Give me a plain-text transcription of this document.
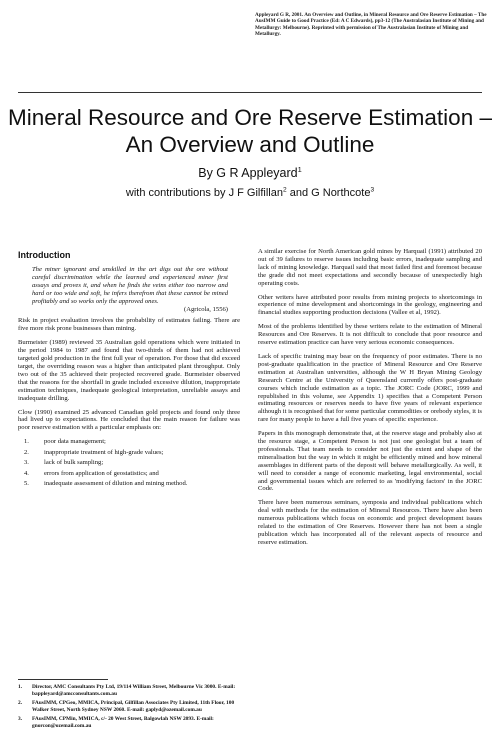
Appleyard G R, 2001. An Overview and Outline, in Mineral Resource and Ore Reserve Estimation – The AusIMM Guide to Good Practice (Ed: A C Edwards), pp3-12 (The Australasian Institute of Mining and Metallurgy: Melbourne). Reprinted with permission of The Australasian Institute of Mining and Metallurgy.
Mineral Resource and Ore Reserve Estimation – An Overview and Outline
By G R Appleyard$^1$
with contributions by J F Gilfillan$^2$ and G Northcote$^3$
Introduction
The miner ignorant and unskilled in the art digs out the ore without careful discrimination while the learned and experienced miner first assays and proves it, and when he finds the veins either too narrow and hard or too wide and soft, he infers therefrom that these cannot be mined profitably and so works only the approved ones.
(Agricola, 1556)

Risk in project evaluation involves the probability of estimates failing. There are five more risk prone businesses than mining.

Burmeister (1989) reviewed 35 Australian gold operations which were initiated in the period 1984 to 1987 and found that two-thirds of them had not achieved targeted gold production in the first full year of operation. For those that did exceed target, the overriding reason was a higher than anticipated plant throughput. Only two out of the 35 achieved their projected recovered grade. Burmeister observed that the reasons for the shortfall in grade included excessive dilution, inappropriate estimation techniques, inadequate geological interpretation, unreliable assays and inadequate drilling.

Clow (1990) examined 25 advanced Canadian gold projects and found only three had lived up to expectations. He concluded that the main reason for failure was poor reserve estimation with a particular emphasis on:

1.	poor data management;
2.	inappropriate treatment of high-grade values;
3.	lack of bulk sampling;
4.	errors from application of geostatistics; and
5.	inadequate assessment of dilution and mining method.
1.	Director, AMC Consultants Pty Ltd, 19/114 William Street, Melbourne Vic 3000. E-mail: bappleyard@amcconsultants.com.au
2.	FAusIMM, CPGeo, MMICA, Principal, Gilfillan Associates Pty Limited, 11th Floor, 100 Walker Street, North Sydney NSW 2060. E-mail: gaplyd@ozemail.com.au
3.	FAusIMM, CPMin, MMICA, c/- 20 West Street, Balgowlah NSW 2093. E-mail: gnorcon@ozemail.com.au

A similar exercise for North American gold mines by Harquail (1991) attributed 20 out of 39 failures to reserve issues including basic errors, inadequate sampling and lack of mining knowledge. Harquail said that most failed first and foremost because the grade did not meet expectations and secondly because of unexpectedly high operating costs.

Other writers have attributed poor results from mining projects to shortcomings in experience of mine development and shortcomings in the geology, engineering and financial studies supporting production decisions (Vallee et al, 1992).

Most of the problems identified by these writers relate to the estimation of Mineral Resources and Ore Reserves. It is not difficult to conclude that poor resource and reserve estimation practice can have very serious economic consequences.

Lack of specific training may bear on the frequency of poor estimates. There is no post-graduate qualification in the practice of Mineral Resource and Ore Reserve estimation at Australian universities, although the W H Bryan Mining Geology Research Centre at the University of Queensland currently offers post-graduate courses which include estimation as a topic. The JORC Code (JORC, 1999 and republished in this volume, see Appendix 1) specifies that a Competent Person estimating resources or reserves needs to have five years of relevant experience although it is recognised that for some particular commodities or orebody styles, it is rare for many people to have a full five years of specific experience.

Papers in this monograph demonstrate that, at the reserve stage and probably also at the resource stage, a Competent Person is not just one geologist but a team of professionals. That team needs to consider not just the extent and shape of the mineralisation but the way in which it might be efficiently mined and how mineral assemblages in different parts of the deposit will behave metallurgically. As well, it will need to consider a range of economic marketing, legal environmental, social and governmental issues which are referred to as 'modifying factors' in the JORC Code.

There have been numerous seminars, symposia and individual publications which deal with methods for the estimation of Mineral Resources. There have also been numerous publications which focus on economic and project development issues related to the estimation of Ore Reserves. However there has not been a single publication which has incorporated all of the relevant aspects of resource and reserve estimation.
